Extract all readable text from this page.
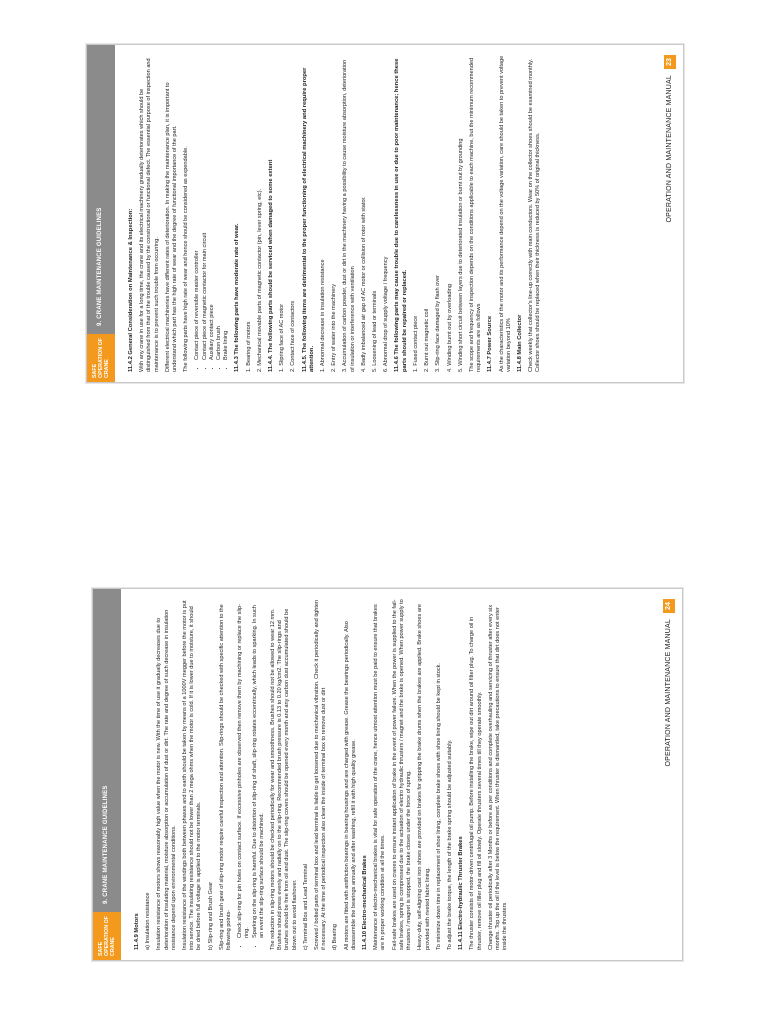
SAFE OPERATION OF CRANE
9. CRANE MAINTENANCE GUIDELINES	11.4.2 General Consideration on Maintenance & Inspection: With any crane in use for a long time, the crane and its electrical machinery gradually deteriorates which should be distinguished from that of the trouble caused by the constructional or functional defect. The essential purpose of inspection and maintenance is to prevent such trouble from occurring. Different electrical machineries have different rates of deterioration. In making the maintenance plan, it is important to understand which part has the high rate of wear and the degree of functional importance of the part. The following parts have high rate of wear and hence should be considered as expendable. • Contact piece of reversible master controller • Contact piece of magnetic contactor for main circuit • Auxiliary contact piece • Carbon brush • Brake lining 11.4.3 The following parts have moderate rate of wear. 1. Bearing of motors 2. Mechanical movable parts of magnetic contactor (pin, lever spring, etc). 11.4.4. The following parts should be serviced when damaged to some extent 1. Slipring face of AC motor 2. Contact face of contactors 11.4.5. The following items are detrimental to the proper functioning of electrical machinery and require proper attention. 1. Abnormal decrease in insulation resistance 2. Entry of water into the machinery 3. Accumulation of carbon powder, dust or dirt in the machinery having a possibility to cause moisture absorption, deterioration of insulation or interference with ventilation 4. Badly imbalanced air gap of AC motor or collision of rotor with stator. 5. Loosening of lead or terminals 6. Abnormal drop of supply voltage / frequency 11.4.6 The following parts may cause trouble due to carelessness in use or due to poor maintenance; hence these parts should be repaired or replaced. 1. Fused contact piece 2. Burnt out magnetic coil 3. Slip-ring face damaged by flash over 4. Winding burnt out by overloading 5. Winding short circuit between layers due to deteriorated insulation or burnt out by grounding The scope and frequency of inspection depends on the conditions applicable to each machine, but the minimum recommended requirements are as follows 11.4.7 Power Source As the characteristics of the motor and its performance depend on the voltage variation, care should be taken to prevent voltage variation beyond 10% 11.4.8 Main Collector Check weekly that collector's line-up correctly with main conductors. Wear on the collector shoes should be examined monthly. Collector shoes should be replaced when their thickness is reduced by 50% of original thickness.	OPERATION AND MAINTENANCE MANUAL
23
SAFE OPERATION OF CRANE
9. CRANE MAINTENANCE GUIDELINES

11.4.9 Motors a) Insulation resistance Insulation resistance of motors shows reasonably high value when the motor is new. With the time of use it gradually decreases due to deterioration of insulating material, moisture absorption or accumulation of dust or dirt. The rate and degree of such decrease in insulation resistance depend upon environmental conditions. Insulation resistance of the windings both between phases and to earth should be taken by means of a 1000V megger before the motor is put into service. The insulating resistance should not be lower than 2 mega ohms when the motor is cold. If it is lower due to moisture, it should be dried before full voltage is applied to the motor terminals. b) Slip-ring and Brush Gear Slip-ring and brush gear of slip-ring motor require careful inspection and attention. Slip-rings should be checked with specific attention to the following points- • Check slip-ring for pin holes on contact surface. If excessive pinholes are observed then remove them by machining or replace the slip-ring. • Sparking on the slip-ring is harmful. Due to distortion of slip-ring of shaft, slip-ring rotates eccentrically, which leads to sparking. In such an event the slip-ring surface should be machined. The reduction in slip-ring motors should be checked periodically for wear and smoothness. Brushes should not be allowed to wear 12 mm. Brushes should press evenly and radially on to the slip-ring. Recommended brush pressure is 0.13 to 0.20 kg/cm2. The slip-rings and brushes should be free from oil and dust. The slip-ring covers should be opened every month and any carbon dust accumulated should be blown out to avoid flashover. c) Terminal Box and Lead Terminal Screwed / bolted parts of terminal box and lead terminal is liable to get loosened due to mechanical vibration. Check it periodically and tighten if necessary. At the time of periodical inspection also clean the inside of terminal box to remove dust or dirt d) Bearing All motors are fitted with antifriction bearings in bearing housings and are charged with grease. Grease the bearings periodically. Also disassemble the bearings annually and after washing, refill it with high quality grease. 11.4.10 Electro-mechanical Brakes Maintenance of electro-mechanical brakes is vital for safe operation of the crane, hence utmost attention must be paid to ensure that brakes are in proper working condition at all the times. Fail-safe brakes are used on cranes to ensure instant application of brake in the event of power failure. When the power is supplied to the fail-safe brakes, spring is compressed due to the actuation of electro hydraulic thrusters / magnet and the brake is opened. When power supply to thrusters / magnet is stopped, the brake closes under the force of spring. Heavy-duty, self-aligning cast iron shoes are provided on brakes for gripping the brake drums when the brakes are applied. Brake shoes are provided with riveted fabric lining. To minimize down time in replacement of shoe lining, complete brake shoes with shoe lining should be kept in stock. To adjust the brake torque, the length of the brake spring should be adjusted suitably. 11.4.11 Electro-hydraulic Thruster Brakes The thruster consists of motor-driven centrifugal oil pump. Before installing the brake, wipe out dirt around oil filter plug. To charge oil in thruster, remove oil filler plug and fill oil slowly. Operate thrusters several times till they operate smoothly. Change thruster oil periodically after 3 Months or before as per conditions and complete overhauling and servicing of thruster after every six months. Top up the oil if the level is below the requirement. When thruster is dismantled, take precautions to ensure that dirt does not enter inside the thrusters

OPERATION AND MAINTENANCE MANUAL
24
